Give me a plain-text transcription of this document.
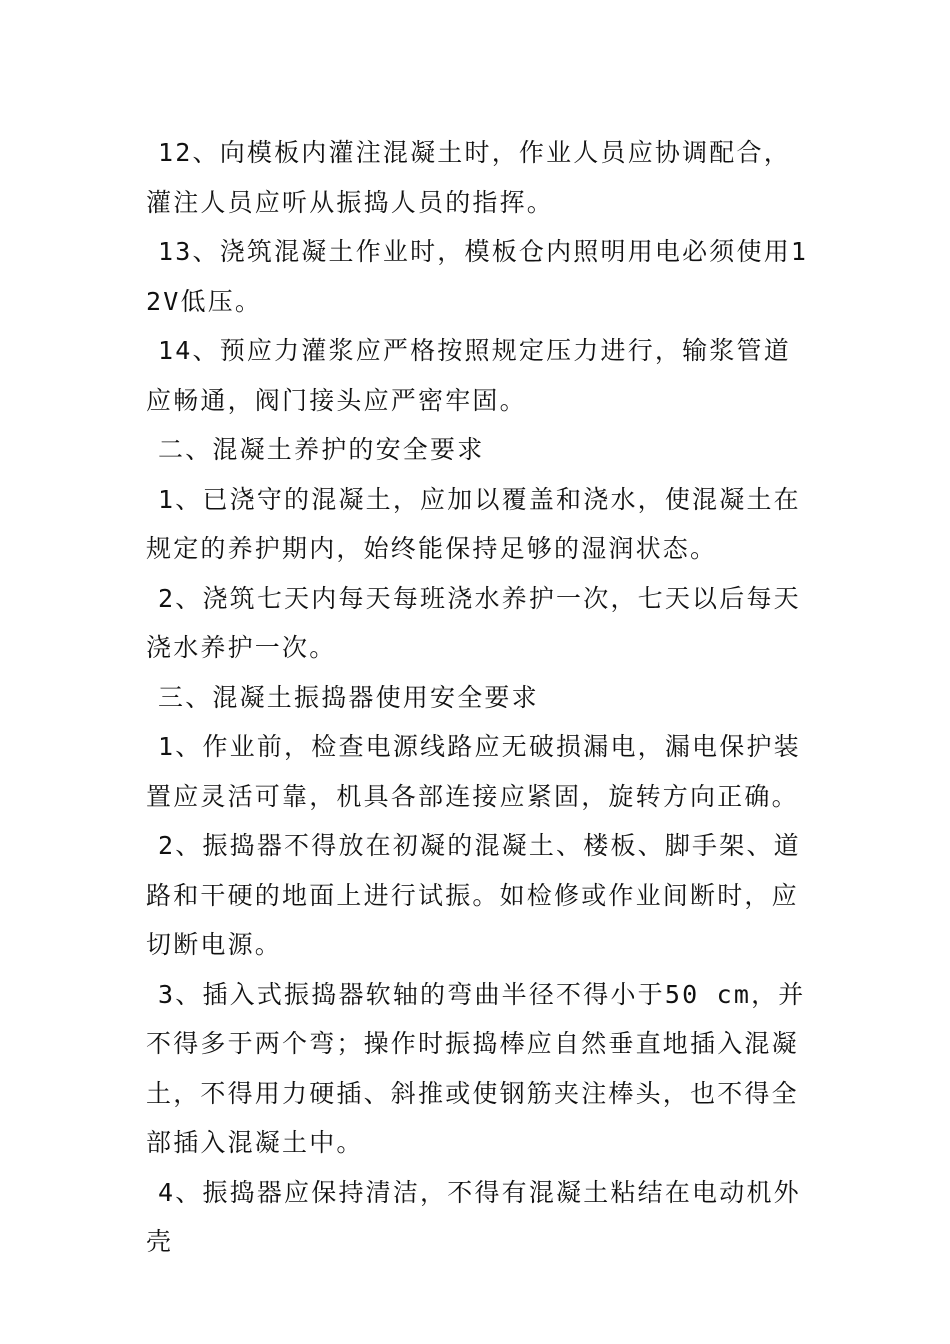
12、向模板内灌注混凝土时，作业人员应协调配合，灌注人员应听从振捣人员的指挥。

13、浇筑混凝土作业时，模板仓内照明用电必须使用12V低压。

14、预应力灌浆应严格按照规定压力进行，输浆管道应畅通，阀门接头应严密牢固。

二、混凝土养护的安全要求

1、已浇守的混凝土，应加以覆盖和浇水，使混凝土在规定的养护期内，始终能保持足够的湿润状态。

2、浇筑七天内每天每班浇水养护一次，七天以后每天浇水养护一次。

三、混凝土振捣器使用安全要求

1、作业前，检查电源线路应无破损漏电，漏电保护装置应灵活可靠，机具各部连接应紧固，旋转方向正确。

2、振捣器不得放在初凝的混凝土、楼板、脚手架、道路和干硬的地面上进行试振。如检修或作业间断时，应切断电源。

3、插入式振捣器软轴的弯曲半径不得小于50 cm，并不得多于两个弯；操作时振捣棒应自然垂直地插入混凝土，不得用力硬插、斜推或使钢筋夹注棒头，也不得全部插入混凝土中。

4、振捣器应保持清洁，不得有混凝土粘结在电动机外壳
